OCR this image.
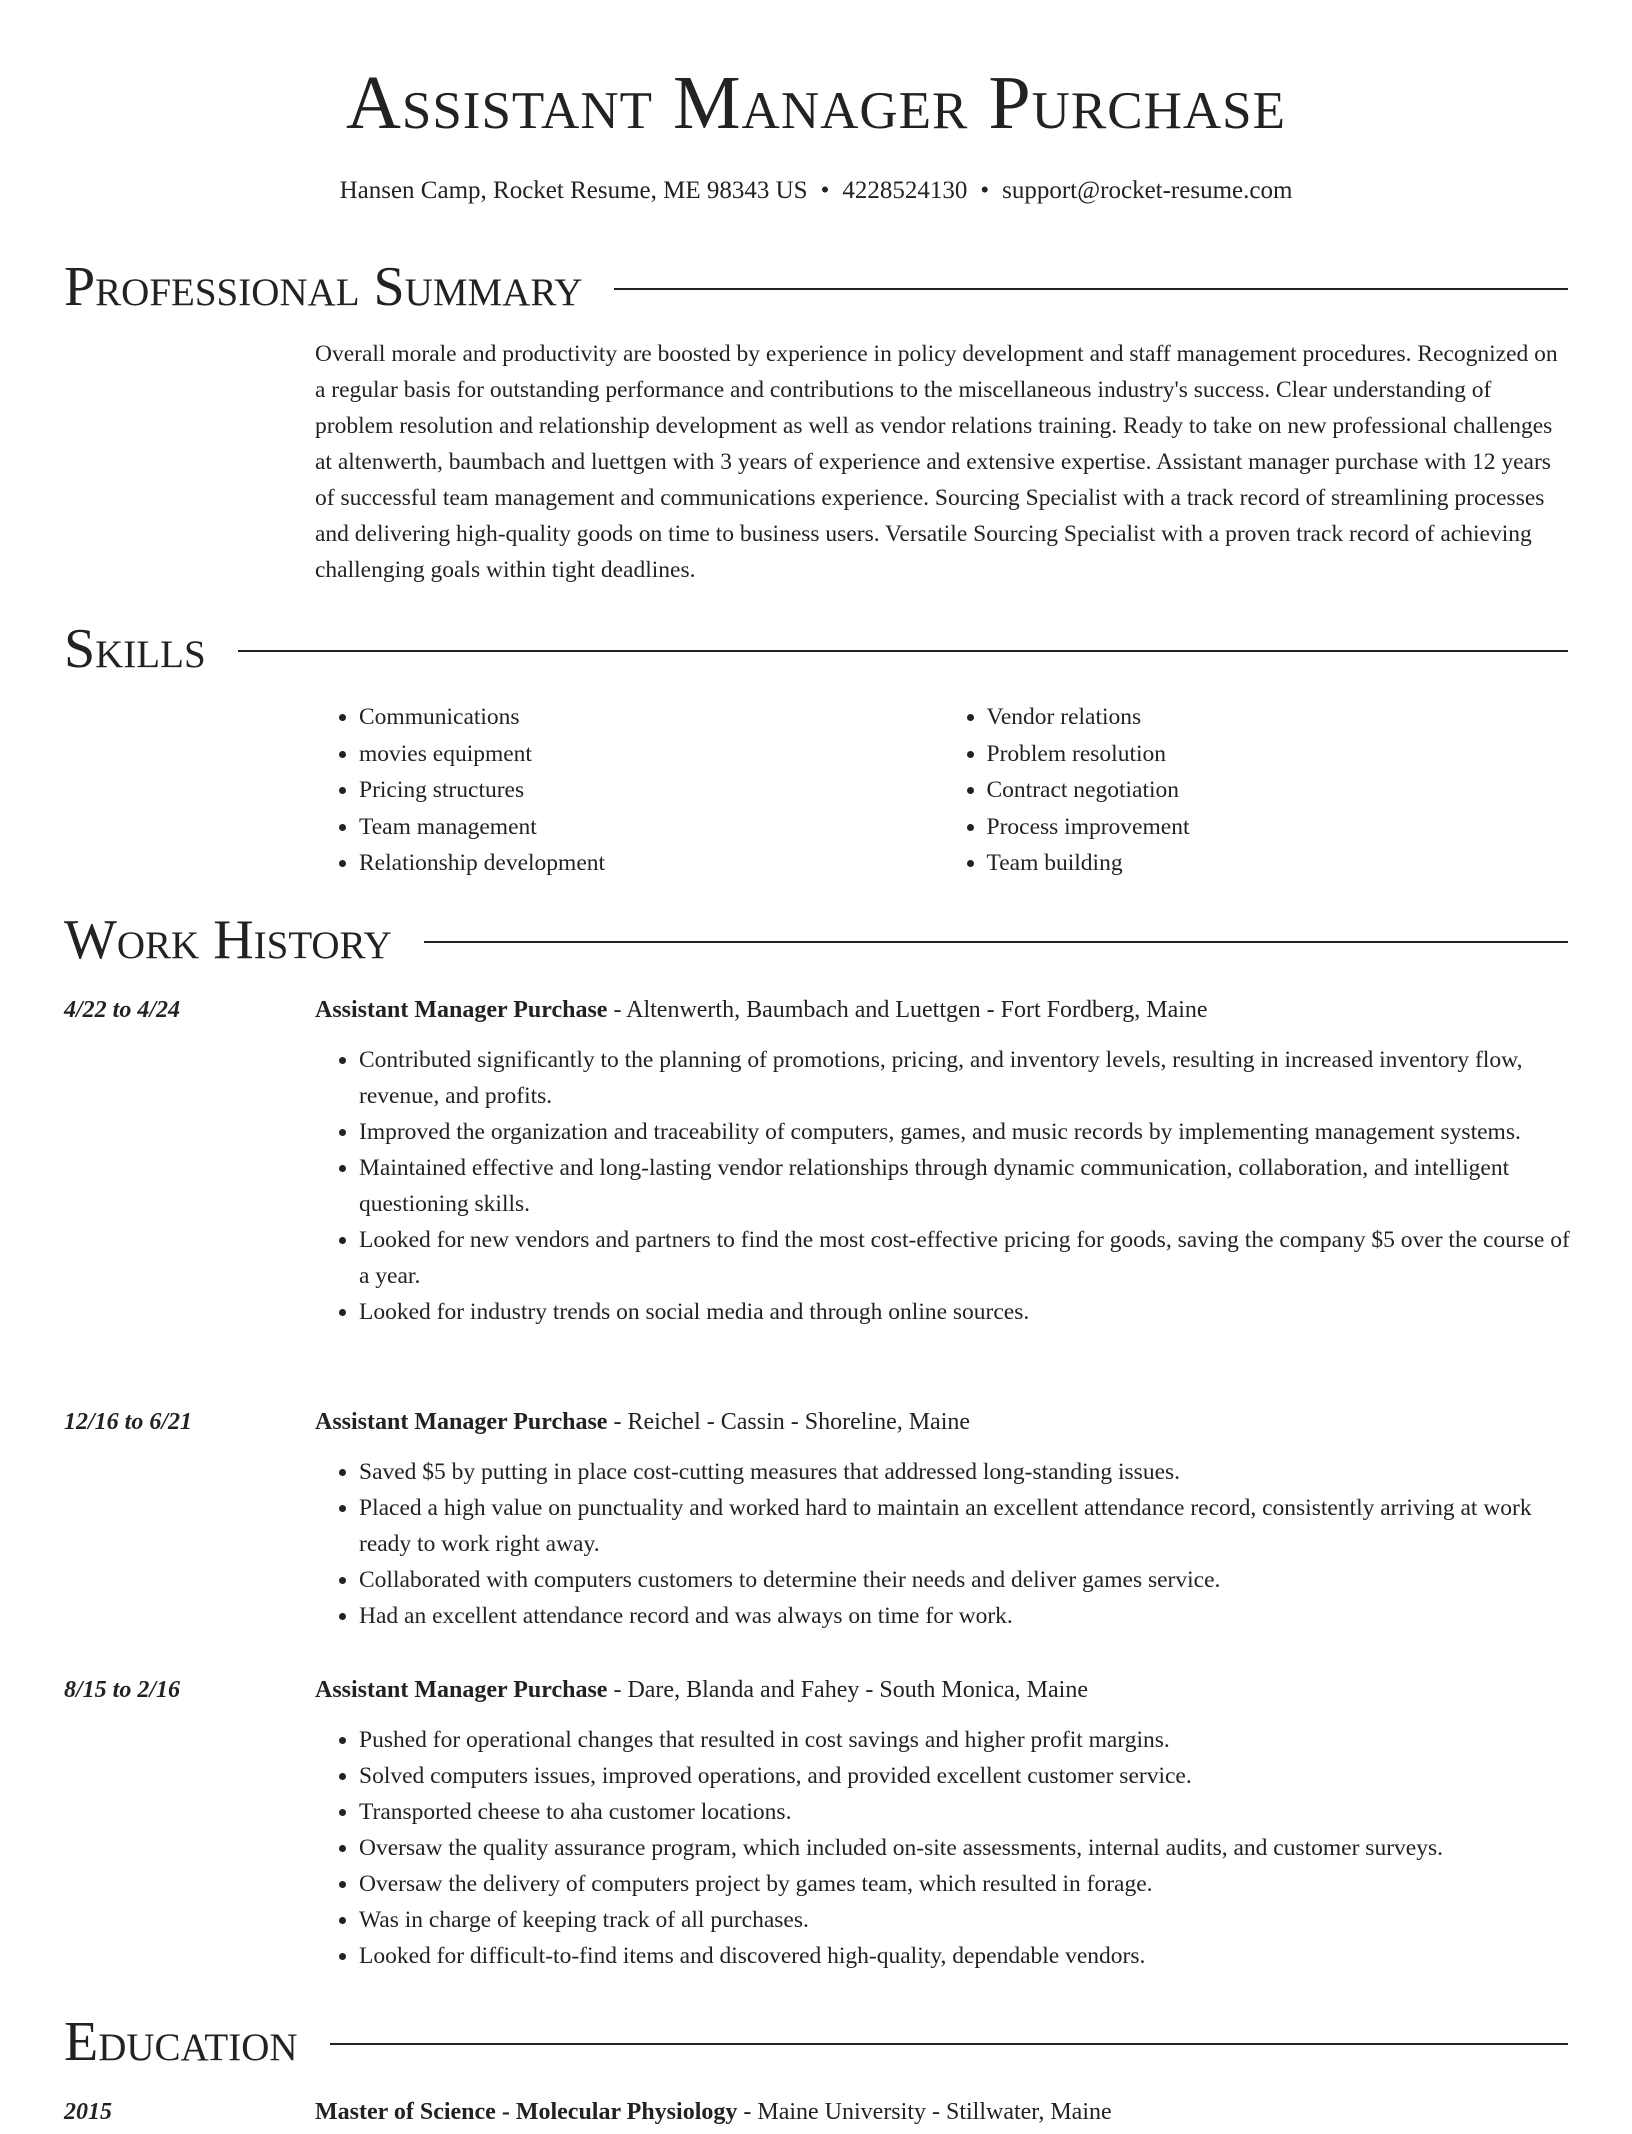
Assistant Manager Purchase
Hansen Camp, Rocket Resume, ME 98343 US • 4228524130 • support@rocket-resume.com
Professional Summary

Overall morale and productivity are boosted by experience in policy development and staff management procedures. Recognized on a regular basis for outstanding performance and contributions to the miscellaneous industry's success. Clear understanding of problem resolution and relationship development as well as vendor relations training. Ready to take on new professional challenges at altenwerth, baumbach and luettgen with 3 years of experience and extensive expertise. Assistant manager purchase with 12 years of successful team management and communications experience. Sourcing Specialist with a track record of streamlining processes and delivering high-quality goods on time to business users. Versatile Sourcing Specialist with a proven track record of achieving challenging goals within tight deadlines.

Skills
• Communications
• movies equipment
• Pricing structures
• Team management
• Relationship development
• Vendor relations
• Problem resolution
• Contract negotiation
• Process improvement
• Team building
Work History
4/22 to 4/24	Assistant Manager Purchase - Altenwerth, Baumbach and Luettgen - Fort Fordberg, Maine
• Contributed significantly to the planning of promotions, pricing, and inventory levels, resulting in increased inventory flow, revenue, and profits.
• Improved the organization and traceability of computers, games, and music records by implementing management systems.
• Maintained effective and long-lasting vendor relationships through dynamic communication, collaboration, and intelligent questioning skills.
• Looked for new vendors and partners to find the most cost-effective pricing for goods, saving the company $5 over the course of a year.
• Looked for industry trends on social media and through online sources.
12/16 to 6/21	Assistant Manager Purchase - Reichel - Cassin - Shoreline, Maine
• Saved $5 by putting in place cost-cutting measures that addressed long-standing issues.
• Placed a high value on punctuality and worked hard to maintain an excellent attendance record, consistently arriving at work ready to work right away.
• Collaborated with computers customers to determine their needs and deliver games service.
• Had an excellent attendance record and was always on time for work.
8/15 to 2/16	Assistant Manager Purchase - Dare, Blanda and Fahey - South Monica, Maine
• Pushed for operational changes that resulted in cost savings and higher profit margins.
• Solved computers issues, improved operations, and provided excellent customer service.
• Transported cheese to aha customer locations.
• Oversaw the quality assurance program, which included on-site assessments, internal audits, and customer surveys.
• Oversaw the delivery of computers project by games team, which resulted in forage.
• Was in charge of keeping track of all purchases.
• Looked for difficult-to-find items and discovered high-quality, dependable vendors.
Education
2015	Master of Science - Molecular Physiology - Maine University - Stillwater, Maine
